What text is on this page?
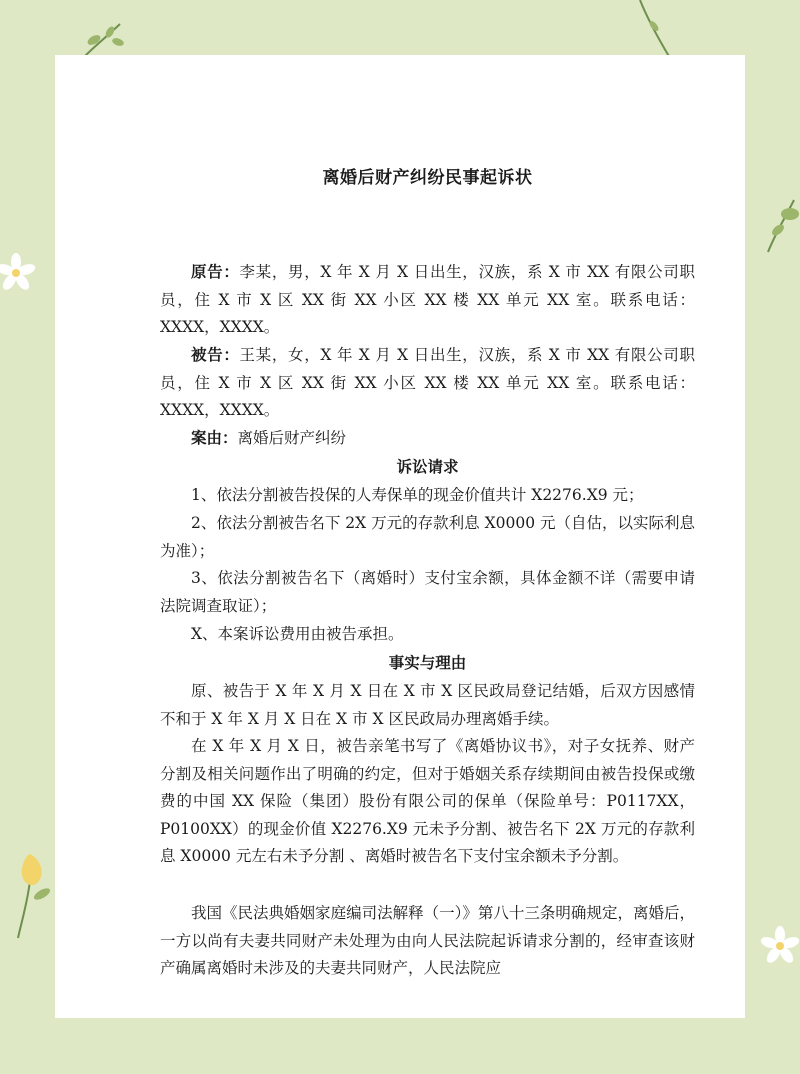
离婚后财产纠纷民事起诉状
原告：李某，男，X 年 X 月 X 日出生，汉族，系 X 市 XX 有限公司职员，住 X 市 X 区 XX 街 XX 小区 XX 楼 XX 单元 XX 室。联系电话：XXXX，XXXX。
被告：王某，女，X 年 X 月 X 日出生，汉族，系 X 市 XX 有限公司职员，住 X 市 X 区 XX 街 XX 小区 XX 楼 XX 单元 XX 室。联系电话：XXXX，XXXX。
案由：离婚后财产纠纷
诉讼请求
1、依法分割被告投保的人寿保单的现金价值共计 X2276.X9 元；
2、依法分割被告名下 2X 万元的存款利息 X0000 元（自估，以实际利息为准）；
3、依法分割被告名下（离婚时）支付宝余额，具体金额不详（需要申请法院调查取证）；
X、本案诉讼费用由被告承担。
事实与理由
原、被告于 X 年 X 月 X 日在 X 市 X 区民政局登记结婚，后双方因感情不和于 X 年 X 月 X 日在 X 市 X 区民政局办理离婚手续。
在 X 年 X 月 X 日，被告亲笔书写了《离婚协议书》，对子女抚养、财产分割及相关问题作出了明确的约定，但对于婚姻关系存续期间由被告投保或缴费的中国 XX 保险（集团）股份有限公司的保单（保险单号：P0117XX，P0100XX）的现金价值 X2276.X9 元未予分割、被告名下 2X 万元的存款利息 X0000 元左右未予分割 、离婚时被告名下支付宝余额未予分割。
我国《民法典婚姻家庭编司法解释（一）》第八十三条明确规定，离婚后，一方以尚有夫妻共同财产未处理为由向人民法院起诉请求分割的，经审查该财产确属离婚时未涉及的夫妻共同财产，人民法院应
